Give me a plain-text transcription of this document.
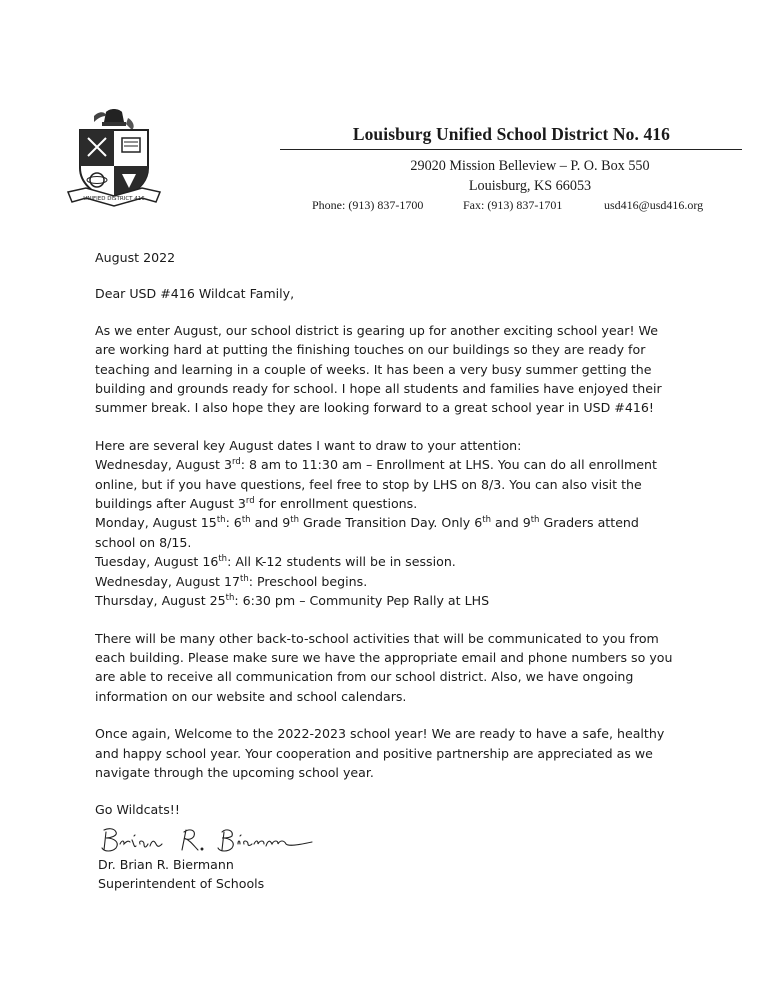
UNIFIED DISTRICT 416
Louisburg Unified School District No. 416
29020 Mission Belleview – P. O. Box 550
Louisburg, KS 66053
Phone: (913) 837-1700	Fax: (913) 837-1701	usd416@usd416.org

August 2022

Dear USD #416 Wildcat Family,

As we enter August, our school district is gearing up for another exciting school year! We

are working hard at putting the finishing touches on our buildings so they are ready for

teaching and learning in a couple of weeks. It has been a very busy summer getting the

building and grounds ready for school. I hope all students and families have enjoyed their

summer break. I also hope they are looking forward to a great school year in USD #416!

Here are several key August dates I want to draw to your attention:

Wednesday, August 3rd: 8 am to 11:30 am – Enrollment at LHS. You can do all enrollment

online, but if you have questions, feel free to stop by LHS on 8/3. You can also visit the

buildings after August 3rd for enrollment questions.

Monday, August 15th: 6th and 9th Grade Transition Day. Only 6th and 9th Graders attend

school on 8/15.

Tuesday, August 16th: All K-12 students will be in session.

Wednesday, August 17th: Preschool begins.

Thursday, August 25th: 6:30 pm – Community Pep Rally at LHS

There will be many other back-to-school activities that will be communicated to you from

each building. Please make sure we have the appropriate email and phone numbers so you

are able to receive all communication from our school district. Also, we have ongoing

information on our website and school calendars.

Once again, Welcome to the 2022-2023 school year! We are ready to have a safe, healthy

and happy school year. Your cooperation and positive partnership are appreciated as we

navigate through the upcoming school year.

Go Wildcats!!

Dr. Brian R. Biermann
Superintendent of Schools
